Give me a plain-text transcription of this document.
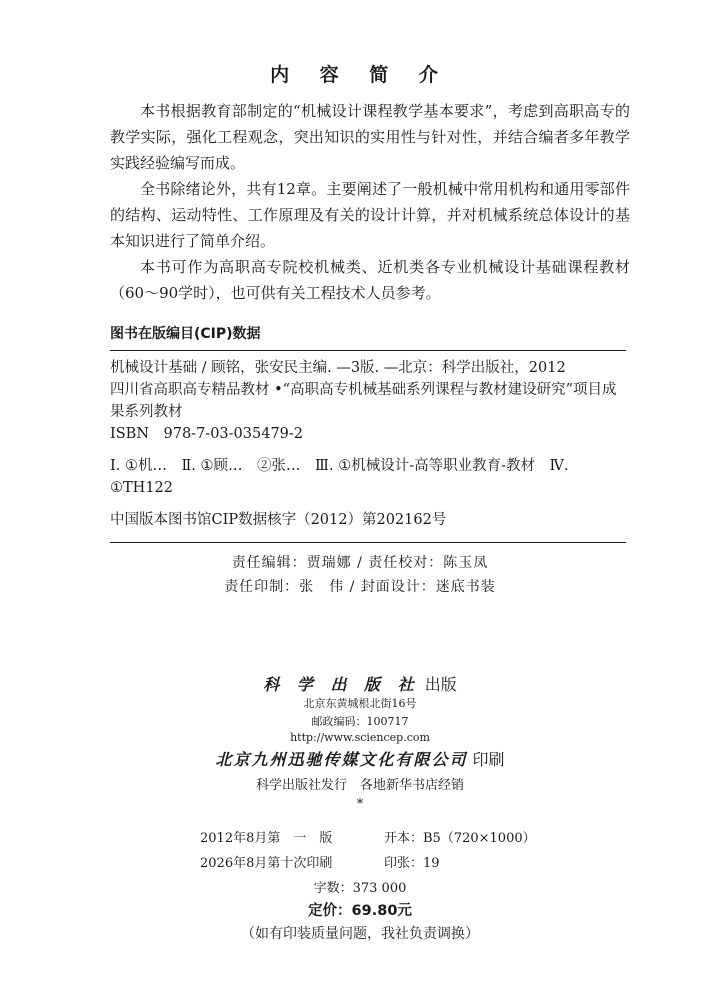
内 容 简 介

本书根据教育部制定的“机械设计课程教学基本要求”，考虑到高职高专的教学实际，强化工程观念，突出知识的实用性与针对性，并结合编者多年教学实践经验编写而成。

全书除绪论外，共有12章。主要阐述了一般机械中常用机构和通用零部件的结构、运动特性、工作原理及有关的设计计算，并对机械系统总体设计的基本知识进行了简单介绍。

本书可作为高职高专院校机械类、近机类各专业机械设计基础课程教材（60～90学时），也可供有关工程技术人员参考。

图书在版编目(CIP)数据
机械设计基础 / 顾铭，张安民主编. —3版. —北京：科学出版社，2012
四川省高职高专精品教材 •“高职高专机械基础系列课程与教材建设研究”项目成果系列教材
ISBN　978-7-03-035479-2
Ⅰ. ①机…　Ⅱ. ①顾…　②张…　Ⅲ. ①机械设计-高等职业教育-教材　Ⅳ. ①TH122
中国版本图书馆CIP数据核字（2012）第202162号
责任编辑：贾瑞娜 / 责任校对：陈玉凤
责任印制：张　伟 / 封面设计：迷底书装
科 学 出 版 社 出版
北京东黄城根北街16号
邮政编码：100717
http://www.sciencep.com
北京九州迅驰传媒文化有限公司 印刷
科学出版社发行　各地新华书店经销
*
2012年8月第　一　版	开本：B5（720×1000）
2026年8月第十次印刷	印张：19
字数：373 000
定价：69.80元
（如有印装质量问题，我社负责调换）
